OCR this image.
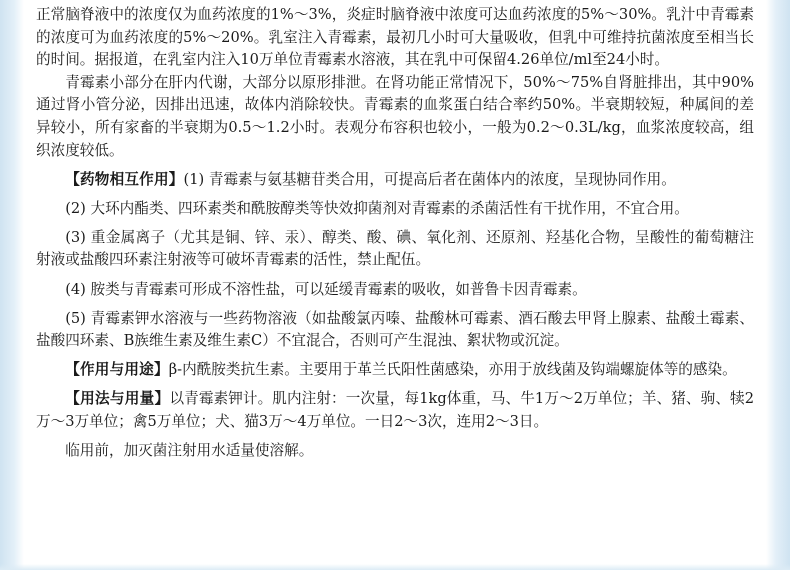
正常脑脊液中的浓度仅为血药浓度的1%～3%，炎症时脑脊液中浓度可达血药浓度的5%～30%。乳汁中青霉素的浓度可为血药浓度的5%～20%。乳室注入青霉素，最初几小时可大量吸收，但乳中可维持抗菌浓度至相当长的时间。据报道，在乳室内注入10万单位青霉素水溶液，其在乳中可保留4.26单位/ml至24小时。

青霉素小部分在肝内代谢，大部分以原形排泄。在肾功能正常情况下，50%～75%自肾脏排出，其中90%通过肾小管分泌，因排出迅速，故体内消除较快。青霉素的血浆蛋白结合率约50%。半衰期较短，种属间的差异较小，所有家畜的半衰期为0.5～1.2小时。表观分布容积也较小，一般为0.2～0.3L/kg，血浆浓度较高，组织浓度较低。

【药物相互作用】(1) 青霉素与氨基糖苷类合用，可提高后者在菌体内的浓度，呈现协同作用。

(2) 大环内酯类、四环素类和酰胺醇类等快效抑菌剂对青霉素的杀菌活性有干扰作用，不宜合用。

(3) 重金属离子（尤其是铜、锌、汞）、醇类、酸、碘、氧化剂、还原剂、羟基化合物，呈酸性的葡萄糖注射液或盐酸四环素注射液等可破坏青霉素的活性，禁止配伍。

(4) 胺类与青霉素可形成不溶性盐，可以延缓青霉素的吸收，如普鲁卡因青霉素。

(5) 青霉素钾水溶液与一些药物溶液（如盐酸氯丙嗪、盐酸林可霉素、酒石酸去甲肾上腺素、盐酸土霉素、盐酸四环素、B族维生素及维生素C）不宜混合，否则可产生混浊、絮状物或沉淀。

【作用与用途】β-内酰胺类抗生素。主要用于革兰氏阳性菌感染，亦用于放线菌及钩端螺旋体等的感染。

【用法与用量】以青霉素钾计。肌内注射：一次量，每1kg体重，马、牛1万～2万单位；羊、猪、驹、犊2万～3万单位；禽5万单位；犬、猫3万～4万单位。一日2～3次，连用2～3日。

临用前，加灭菌注射用水适量使溶解。
